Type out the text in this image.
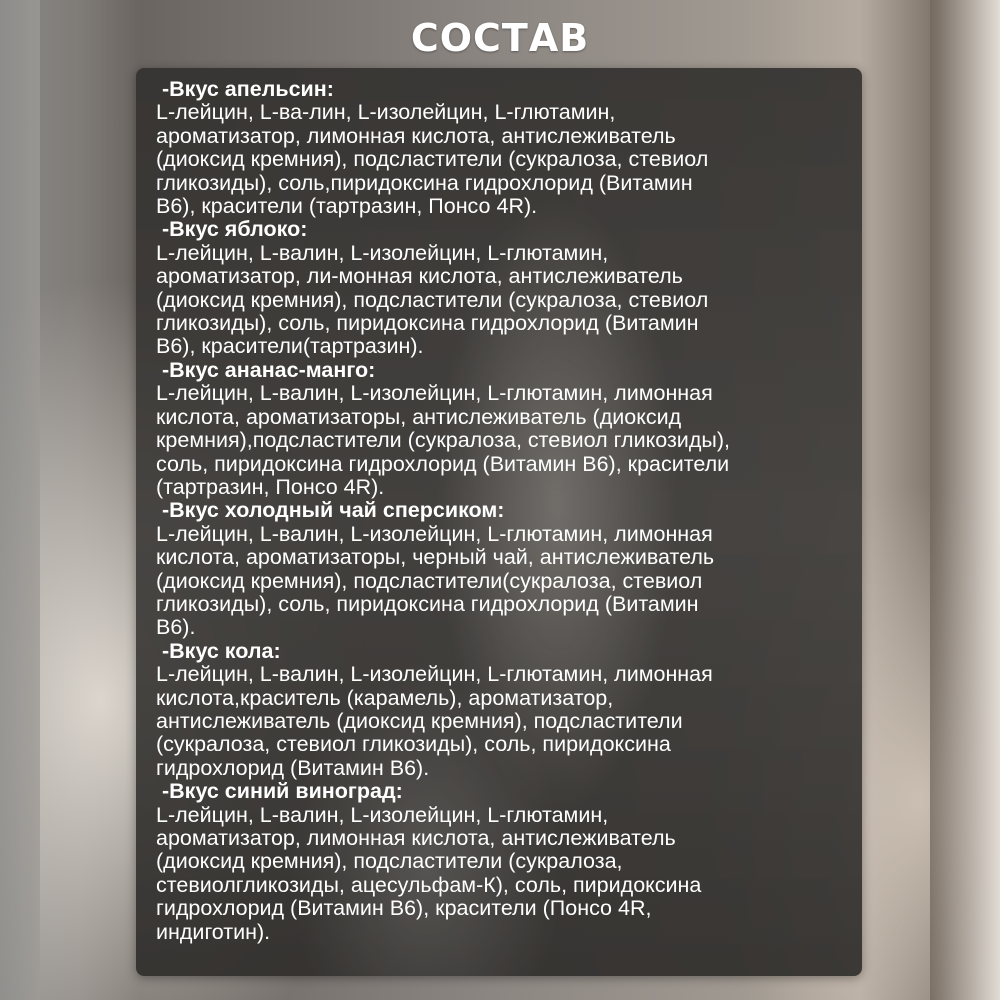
СОСТАВ
-Вкус апельсин:
L-лейцин, L-ва-лин, L-изолейцин, L-глютамин,
ароматизатор, лимонная кислота, антислеживатель
(диоксид кремния), подсластители (сукралоза, стевиол
гликозиды), соль,пиридоксина гидрохлорид (Витамин
В6), красители (тартразин, Понсо 4R).
-Вкус яблоко:
L-лейцин, L-валин, L-изолейцин, L-глютамин,
ароматизатор, ли-монная кислота, антислеживатель
(диоксид кремния), подсластители (сукралоза, стевиол
гликозиды), соль, пиридоксина гидрохлорид (Витамин
В6), красители(тартразин).
-Вкус ананас-манго:
L-лейцин, L-валин, L-изолейцин, L-глютамин, лимонная
кислота, ароматизаторы, антислеживатель (диоксид
кремния),подсластители (сукралоза, стевиол гликозиды),
соль, пиридоксина гидрохлорид (Витамин В6), красители
(тартразин, Понсо 4R).
-Вкус холодный чай сперсиком:
L-лейцин, L-валин, L-изолейцин, L-глютамин, лимонная
кислота, ароматизаторы, черный чай, антислеживатель
(диоксид кремния), подсластители(сукралоза, стевиол
гликозиды), соль, пиридоксина гидрохлорид (Витамин
В6).
-Вкус кола:
L-лейцин, L-валин, L-изолейцин, L-глютамин, лимонная
кислота,краситель (карамель), ароматизатор,
антислеживатель (диоксид кремния), подсластители
(сукралоза, стевиол гликозиды), соль, пиридоксина
гидрохлорид (Витамин В6).
-Вкус синий виноград:
L-лейцин, L-валин, L-изолейцин, L-глютамин,
ароматизатор, лимонная кислота, антислеживатель
(диоксид кремния), подсластители (сукралоза,
стевиолгликозиды, ацесульфам-К), соль, пиридоксина
гидрохлорид (Витамин В6), красители (Понсо 4R,
индиготин).
